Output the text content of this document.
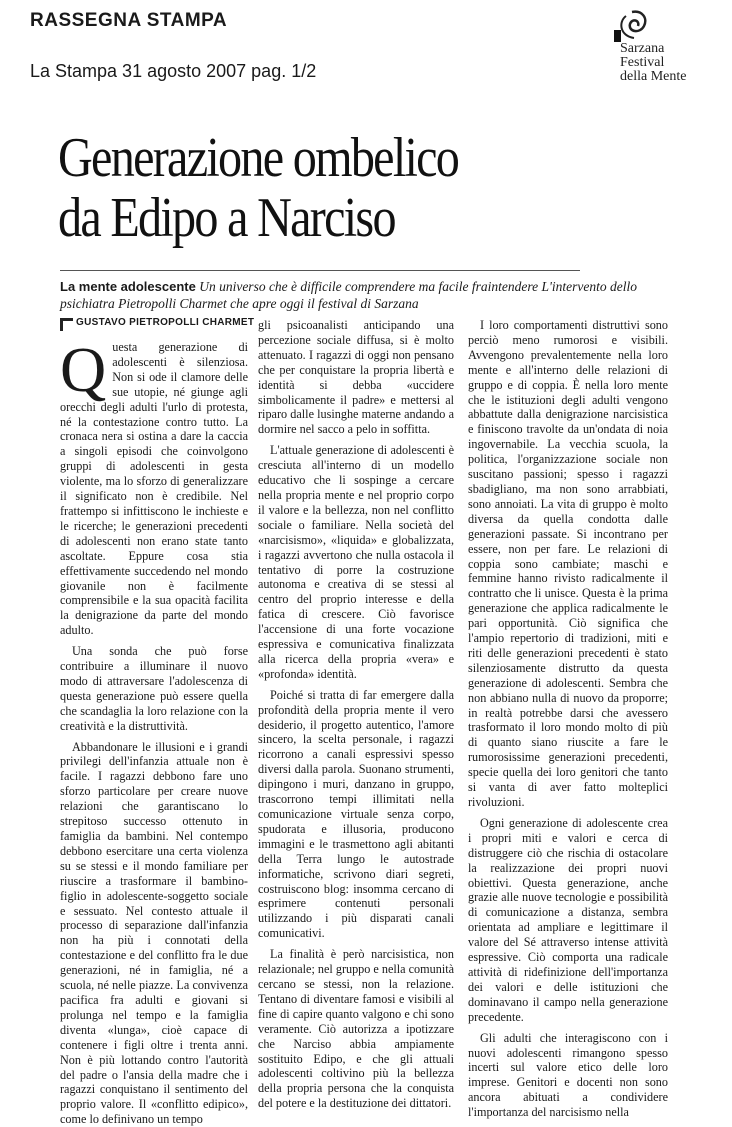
RASSEGNA STAMPA
La Stampa 31 agosto 2007 pag. 1/2
Sarzana
Festival
della Mente
Generazione ombelico
da Edipo a Narciso
La mente adolescente Un universo che è difficile comprendere ma facile fraintendere L'intervento dello psichiatra Pietropolli Charmet che apre oggi il festival di Sarzana
GUSTAVO PIETROPOLLI CHARMET

Questa generazione di adolescenti è silenziosa. Non si ode il clamore delle sue utopie, né giunge agli orecchi degli adulti l'urlo di protesta, né la contestazione contro tutto. La cronaca nera si ostina a dare la caccia a singoli episodi che coinvolgono gruppi di adolescenti in gesta violente, ma lo sforzo di generalizzare il significato non è credibile. Nel frattempo si infittiscono le inchieste e le ricerche; le generazioni precedenti di adolescenti non erano state tanto ascoltate. Eppure cosa stia effettivamente succedendo nel mondo giovanile non è facilmente comprensibile e la sua opacità facilita la denigrazione da parte del mondo adulto.

Una sonda che può forse contribuire a illuminare il nuovo modo di attraversare l'adolescenza di questa generazione può essere quella che scandaglia la loro relazione con la creatività e la distruttività.

Abbandonare le illusioni e i grandi privilegi dell'infanzia attuale non è facile. I ragazzi debbono fare uno sforzo particolare per creare nuove relazioni che garantiscano lo strepitoso successo ottenuto in famiglia da bambini. Nel contempo debbono esercitare una certa violenza su se stessi e il mondo familiare per riuscire a trasformare il bambino-figlio in adolescente-soggetto sociale e sessuato. Nel contesto attuale il processo di separazione dall'infanzia non ha più i connotati della contestazione e del conflitto fra le due generazioni, né in famiglia, né a scuola, né nelle piazze. La convivenza pacifica fra adulti e giovani si prolunga nel tempo e la famiglia diventa «lunga», cioè capace di contenere i figli oltre i trenta anni. Non è più lottando contro l'autorità del padre o l'ansia della madre che i ragazzi conquistano il sentimento del proprio valore. Il «conflitto edipico», come lo definivano un tempo

gli psicoanalisti anticipando una percezione sociale diffusa, si è molto attenuato. I ragazzi di oggi non pensano che per conquistare la propria libertà e identità si debba «uccidere simbolicamente il padre» e mettersi al riparo dalle lusinghe materne andando a dormire nel sacco a pelo in soffitta.

L'attuale generazione di adolescenti è cresciuta all'interno di un modello educativo che li sospinge a cercare nella propria mente e nel proprio corpo il valore e la bellezza, non nel conflitto sociale o familiare. Nella società del «narcisismo», «liquida» e globalizzata, i ragazzi avvertono che nulla ostacola il tentativo di porre la costruzione autonoma e creativa di se stessi al centro del proprio interesse e della fatica di crescere. Ciò favorisce l'accensione di una forte vocazione espressiva e comunicativa finalizzata alla ricerca della propria «vera» e «profonda» identità.

Poiché si tratta di far emergere dalla profondità della propria mente il vero desiderio, il progetto autentico, l'amore sincero, la scelta personale, i ragazzi ricorrono a canali espressivi spesso diversi dalla parola. Suonano strumenti, dipingono i muri, danzano in gruppo, trascorrono tempi illimitati nella comunicazione virtuale senza corpo, spudorata e illusoria, producono immagini e le trasmettono agli abitanti della Terra lungo le autostrade informatiche, scrivono diari segreti, costruiscono blog: insomma cercano di esprimere contenuti personali utilizzando i più disparati canali comunicativi.

La finalità è però narcisistica, non relazionale; nel gruppo e nella comunità cercano se stessi, non la relazione. Tentano di diventare famosi e visibili al fine di capire quanto valgono e chi sono veramente. Ciò autorizza a ipotizzare che Narciso abbia ampiamente sostituito Edipo, e che gli attuali adolescenti coltivino più la bellezza della propria persona che la conquista del potere e la destituzione dei dittatori.

I loro comportamenti distruttivi sono perciò meno rumorosi e visibili. Avvengono prevalentemente nella loro mente e all'interno delle relazioni di gruppo e di coppia. È nella loro mente che le istituzioni degli adulti vengono abbattute dalla denigrazione narcisistica e finiscono travolte da un'ondata di noia ingovernabile. La vecchia scuola, la politica, l'organizzazione sociale non suscitano passioni; spesso i ragazzi sbadigliano, ma non sono arrabbiati, sono annoiati. La vita di gruppo è molto diversa da quella condotta dalle generazioni passate. Si incontrano per essere, non per fare. Le relazioni di coppia sono cambiate; maschi e femmine hanno rivisto radicalmente il contratto che li unisce. Questa è la prima generazione che applica radicalmente le pari opportunità. Ciò significa che l'ampio repertorio di tradizioni, miti e riti delle generazioni precedenti è stato silenziosamente distrutto da questa generazione di adolescenti. Sembra che non abbiano nulla di nuovo da proporre; in realtà potrebbe darsi che avessero trasformato il loro mondo molto di più di quanto siano riuscite a fare le rumorosissime generazioni precedenti, specie quella dei loro genitori che tanto si vanta di aver fatto molteplici rivoluzioni.

Ogni generazione di adolescente crea i propri miti e valori e cerca di distruggere ciò che rischia di ostacolare la realizzazione dei propri nuovi obiettivi. Questa generazione, anche grazie alle nuove tecnologie e possibilità di comunicazione a distanza, sembra orientata ad ampliare e legittimare il valore del Sé attraverso intense attività espressive. Ciò comporta una radicale attività di ridefinizione dell'importanza dei valori e delle istituzioni che dominavano il campo nella generazione precedente.

Gli adulti che interagiscono con i nuovi adolescenti rimangono spesso incerti sul valore etico delle loro imprese. Genitori e docenti non sono ancora abituati a condividere l'importanza del narcisismo nella
